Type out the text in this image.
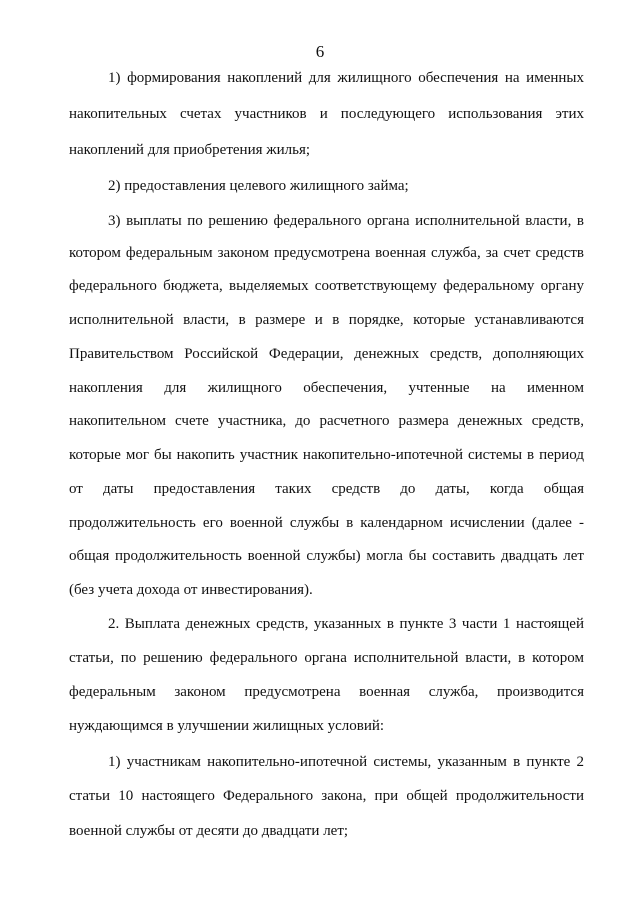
6
1) формирования накоплений для жилищного обеспечения на именных
накопительных счетах участников и последующего использования этих
накоплений для приобретения жилья;
2) предоставления целевого жилищного займа;
3) выплаты по решению федерального органа исполнительной власти, в
котором федеральным законом предусмотрена военная служба, за счет средств
федерального бюджета, выделяемых соответствующему федеральному органу
исполнительной власти, в размере и в порядке, которые устанавливаются
Правительством Российской Федерации, денежных средств, дополняющих
накопления для жилищного обеспечения, учтенные на именном
накопительном счете участника, до расчетного размера денежных средств,
которые мог бы накопить участник накопительно-ипотечной системы в период
от даты предоставления таких средств до даты, когда общая
продолжительность его военной службы в календарном исчислении (далее -
общая продолжительность военной службы) могла бы составить двадцать лет
(без учета дохода от инвестирования).
2. Выплата денежных средств, указанных в пункте 3 части 1 настоящей
статьи, по решению федерального органа исполнительной власти, в котором
федеральным законом предусмотрена военная служба, производится
нуждающимся в улучшении жилищных условий:
1) участникам накопительно-ипотечной системы, указанным в пункте 2
статьи 10 настоящего Федерального закона, при общей продолжительности
военной службы от десяти до двадцати лет;
